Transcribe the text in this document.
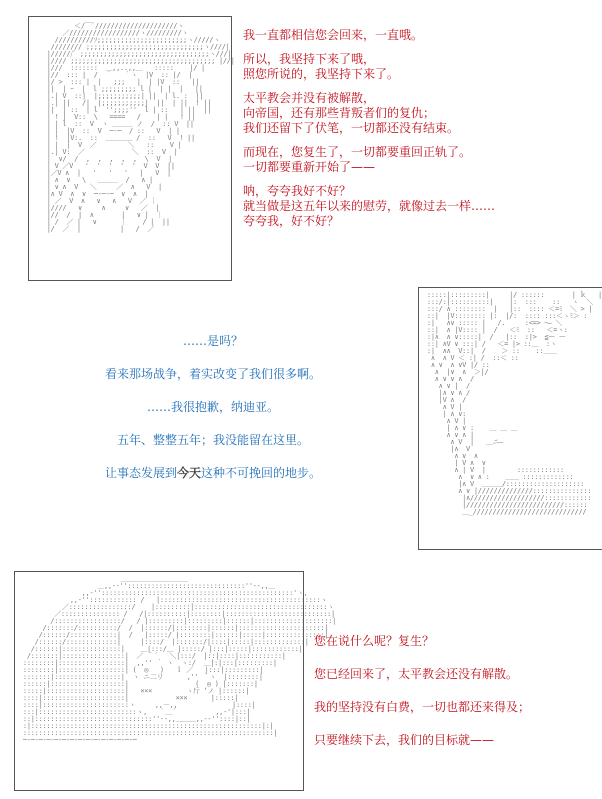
＜/￣ﾞ/////////////////////ヽ
／//////////////////ヽ/////////ヽ
//////////ｿ;;;;;;;;;;;;;;;;;;;;;;;ヽ/////ヽ
//////// ;;;;;;;;;;;;;;;;;;;;;;;;;;;;;;ヽ////|
|//////ﾞ ;;;;;;;;;;;;;;;;;;;;;;;;;;;;;;;;;ヽ///|
|//// ;;;;;;;;;;;;;;;;;;;;;;;;;;;;;;;;;;;;; |//|
|///  :::::::  ＿,,..,,＿   :::::    |/ |
|//  ::: |  /  ｀   ｀ヽ  |V  :: |/  |
|/ >  ::: |  |   ;;;   |  | |V  ::   ||
||  | ｰ  |  l ;;;;;;;;; l |  | |  |   ||
|.| V  ::|  |;;;;;;;;;;;| ||  | l. :  ||
|.| ||   /|  |;;;;;;;;;;;|  ||  | ||  ! ||
||  | ::  | l  '';;;;''  l | ::   | ||  ||
| ! |  V::  \   ====   /    | |   ! ||
| | l  ::  V  ヽ ＿＿＿ ノ  /  :: V  ||
| |  |V  ::  V  ─‐─  / ::   V  | |
| !  |V:.  ::  ＿＿＿＿ /  ::   V  ! ||
| |  |  V  ／        ＼   ::    V |
|.| V:  ／            ＼  ::  V  |
|  ∨/  /  ,  ,  ,  ,  ,  \  V  |
| V ／V   '  '  '  '  '  V  V  ||
|／V ∧  |   '   '   '   |   V  |
| ∧  ∨   \   ＿＿＿  /   ∧ |
| ∨ ∧  V   ＼     ／  ∧   V  |
|∧ V  ∧  ∨  ─‐─‐─  ∨  ∧  |
| ／  V  ∧   ∨   ∧   V  ／ ｜
|////   ∨     ∧     ∨   ／  |
|//  /  |  ∧       |   ∨ |  ｜
| /  ／ |   ∨      ｜    / |  ||
|/  ／  |          |   /  ／

我一直都相信您会回来，一直哦。

所以，我坚持下来了哦，

照您所说的，我坚持下来了。

太平教会并没有被解散，

向帝国，还有那些背叛者们的复仇；

我们还留下了伏笔，一切都还没有结束。

而现在，您复生了，一切都要重回正轨了。

一切都要重新开始了——

呐，夸夸我好不好？

就当做是这五年以来的慰劳，就像过去一样……

夸夸我，好不好？

:::::|:::::::::|     |/ ::::::       | ｋ   |
:::/:|::::::::::|    |:  :::    ::   ヽ  ＼
:::/ ∧ ::::::::  |   |::  :::: ＜=ﾐ  ＼ > |
::|  |V:::::::: |:  |/:  :::: :::＜ヽﾐ＞ :
:|   ∧∨ ::::: |   /.     :<=> ｰ― ＼
::|  ∧ |V:::: |  /   ＜ﾐ  ::   ＜=ヽ:
:|∧  ∧ ∨:::::|  /   |::  :|>  ≦ー ー
::| ∧V ∨ :::| /   ＜= |> ::＿  :ヽ
:|  ∧∧  V::|  /    ＞ ::    ::＿＿
∧  ∧ V ＜ :| /  ::＜ ::
∧ ∨  ∧ ∨V |/ ::
∧  |∨  ∧  ＞|/
∧ ∨ ∨ ∧  /
∧ ∨ |  /
|∧ ∨ ∧ /
|V ∧  /
∧ V |
| ∧ ∨:
∧ V |
| ∧ ∨ :    ＿ ＿ ＿
∧ ∨ ∧ |
∧ V  |   ＿ニ―
|∧  V
∧ ∨  ∧
| V ∧  ∨
∧ | V  |        ::::::::::::
∧  ∨ ∧ :    ＿＿ :::::::::::::
|∧ V  ＿＿＿/::::::::::::::::::::
∧ ∨ |//////////////:::::::::::::::
|∧///////////////////::::::::::::
|/////////////////////////::::::
＿_/////////////////////////////

……是吗？

看来那场战争，着实改变了我们很多啊。

……我很抱歉，纳迪亚。

五年、整整五年；我没能留在这里。

让事态发展到今天这种不可挽回的地步。

＿＿＿＿＿＿＿＿＿＿
＿,,-‐''::::::::::::::::::::::::::::::''‐-,,＿
,,-'':::::::::::::::::::::::::::::::::::::::::::::::::'ヽ,
,,-'':::::::::::: /   |:::::::::::::::::::::::::::::::::::::::::ヽ
／::::::::::::::::/    |:::::::::|::::::::::::::::::::::::::::::::::ヽ
／::::::::::::::: /   /|::::::::::|::::::::|:::::::::::::::::::::::::::|
/:::::::::::::::::/   / |:::::::::|:::::::::|::::::|::::::::::::::::::::|
/:::::::/::::::::::/  /  |::::::/|::::::::|::::::|::::::::::::::::::::::|
/::::::/::::::::::::|  /   |:::::/ |::::::::|::::::|:::::|:::::::::::::::|
/::::::/:::::::::::::|     |::::/  |:::::::/|::::|:::::|:::::::::::::|
/::::::|:::::::::::::::|    ＿|:::/＿ |:::::/ |:::|:::::|::::::::::::|
/:::::::|::::::::::::::::|  ／ ｀´   ＼|:::/  |::|::::|:::::::::::|
::::::::|:::::::::::::::::|  ,,'' ｀ ヽ  ヽ:/  ＿|:|:::|:::::::::|
::::::::|:::::::::::::::::| (  ◎   )   ｌ ／   |:::|:::::::::|
:::::::|:::::::::::::::::|  ヽ ニ二リ      ,'' ｀ヽ  |::::::::|
::::::|:::::::::::::::::::|                 (  ◎ ) |:::::::|
:::::|::::::::::::::::::::|   ×××     　  ヽ斤 ‘ノ |::::::|
::::|:::::::::::::::::::::|            ×××      |:::::|
::::|::::::::::::::::::::::ヽ     ,,－,,              |::::|
:::|:::::::::::::::::::::::::ヽ,   ｀＿´          ,,-'|:::|
::|::::::::::::::::::::::::::::::''‐-,,＿＿＿,,-‐''::::|::|
:|:::::::::::::::::::::::::::::::::::::::::::::::::::::::::::|:|
::::::::::::::::::::::::::::::::::::::::::::::::::::::::::::::::|
─‐─‐─‐─‐─‐─‐─‐─‐─‐─‐─‐─‐─‐─‐─

您在说什么呢？复生？

您已经回来了，太平教会还没有解散。

我的坚持没有白费，一切也都还来得及；

只要继续下去，我们的目标就——
